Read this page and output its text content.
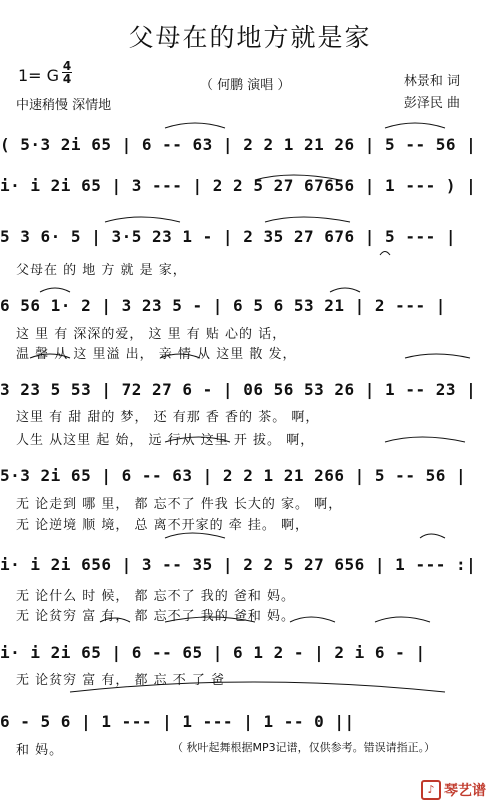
父母在的地方就是家
1= G 4
4
中速稍慢 深情地
（ 何鹏 演唱 ）	林景和 词
彭泽民 曲
( 5·3 2i 65 | 6 -- 63 | 2 2 1 21 26 | 5 -- 56 |
i· i 2i 65 | 3 --- | 2 2 5 27 67656 | 1 --- ) |
5 3 6· 5 | 3·5 23 1 - | 2 35 27 676 | 5 --- |
父母在 的 地 方 就 是 家，
6 56 1· 2 | 3 23 5 - | 6 5 6 53 21 | 2 --- |
这 里 有 深深的爱， 这 里 有 贴 心的 话，
温 馨 从 这 里溢 出， 亲 情 从 这里 散 发，
3 23 5 53 | 72 27 6 - | 06 56 53 26 | 1 -- 23 |
这里 有 甜 甜的 梦， 还 有那 香 香的 茶。 啊，
人生 从这里 起 始， 远 行从 这里 开 拔。 啊，
5·3 2i 65 | 6 -- 63 | 2 2 1 21 266 | 5 -- 56 |
无 论走到 哪 里， 都 忘不了 件我 长大的 家。 啊，
无 论逆境 顺 境， 总 离不开家的 牵 挂。 啊，
i· i 2i 656 | 3 -- 35 | 2 2 5 27 656 | 1 --- :|
无 论什么 时 候， 都 忘不了 我的 爸和 妈。
无 论贫穷 富 有， 都 忘不了 我的 爸和 妈。
i· i 2i 65 | 6 -- 65 | 6 1 2 - | 2 i 6 - |
无 论贫穷 富 有， 都 忘 不 了 爸
6 - 5 6 | 1 --- | 1 --- | 1 -- 0 ||
和 妈。	（ 秋叶起舞根据MP3记谱，仅供参考。错误请指正。）
♪ 琴艺谱
